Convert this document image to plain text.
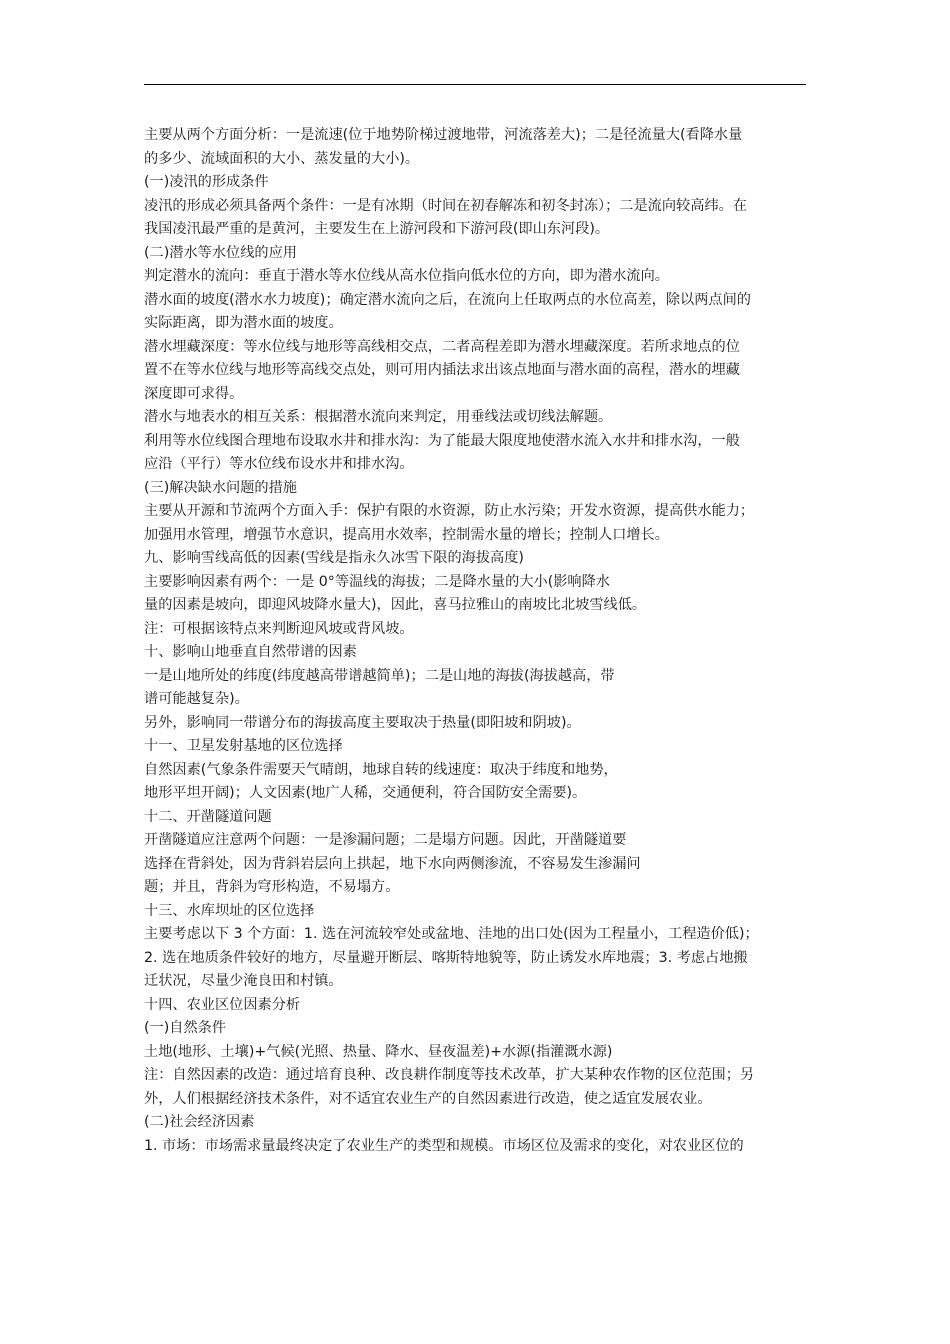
主要从两个方面分析：一是流速(位于地势阶梯过渡地带，河流落差大)；二是径流量大(看降水量
的多少、流域面积的大小、蒸发量的大小)。
(一)凌汛的形成条件
凌汛的形成必须具备两个条件：一是有冰期（时间在初春解冻和初冬封冻）；二是流向较高纬。在
我国凌汛最严重的是黄河，主要发生在上游河段和下游河段(即山东河段)。
(二)潜水等水位线的应用
判定潜水的流向：垂直于潜水等水位线从高水位指向低水位的方向，即为潜水流向。
潜水面的坡度(潜水水力坡度)；确定潜水流向之后，在流向上任取两点的水位高差，除以两点间的
实际距离，即为潜水面的坡度。
潜水埋藏深度：等水位线与地形等高线相交点，二者高程差即为潜水埋藏深度。若所求地点的位
置不在等水位线与地形等高线交点处，则可用内插法求出该点地面与潜水面的高程，潜水的埋藏
深度即可求得。
潜水与地表水的相互关系：根据潜水流向来判定，用垂线法或切线法解题。
利用等水位线图合理地布设取水井和排水沟：为了能最大限度地使潜水流入水井和排水沟，一般
应沿（平行）等水位线布设水井和排水沟。
(三)解决缺水问题的措施
主要从开源和节流两个方面入手：保护有限的水资源，防止水污染；开发水资源，提高供水能力；
加强用水管理，增强节水意识，提高用水效率，控制需水量的增长；控制人口增长。
九、影响雪线高低的因素(雪线是指永久冰雪下限的海拔高度)
主要影响因素有两个：一是 0°等温线的海拔；二是降水量的大小(影响降水
量的因素是坡向，即迎风坡降水量大)，因此，喜马拉雅山的南坡比北坡雪线低。
注：可根据该特点来判断迎风坡或背风坡。
十、影响山地垂直自然带谱的因素
一是山地所处的纬度(纬度越高带谱越简单)；二是山地的海拔(海拔越高，带
谱可能越复杂)。
另外，影响同一带谱分布的海拔高度主要取决于热量(即阳坡和阴坡)。
十一、卫星发射基地的区位选择
自然因素(气象条件需要天气晴朗，地球自转的线速度：取决于纬度和地势，
地形平坦开阔)；人文因素(地广人稀，交通便利，符合国防安全需要)。
十二、开凿隧道问题
开凿隧道应注意两个问题：一是渗漏问题；二是塌方问题。因此，开凿隧道要
选择在背斜处，因为背斜岩层向上拱起，地下水向两侧渗流，不容易发生渗漏问
题；并且，背斜为穹形构造，不易塌方。
十三、水库坝址的区位选择
主要考虑以下 3 个方面：1. 选在河流较窄处或盆地、洼地的出口处(因为工程量小，工程造价低)；
2. 选在地质条件较好的地方，尽量避开断层、喀斯特地貌等，防止诱发水库地震；3. 考虑占地搬
迁状况，尽量少淹良田和村镇。
十四、农业区位因素分析
(一)自然条件
土地(地形、土壤)+气候(光照、热量、降水、昼夜温差)+水源(指灌溉水源)
注：自然因素的改造：通过培育良种、改良耕作制度等技术改革，扩大某种农作物的区位范围；另
外，人们根据经济技术条件，对不适宜农业生产的自然因素进行改造，使之适宜发展农业。
(二)社会经济因素
1. 市场：市场需求量最终决定了农业生产的类型和规模。市场区位及需求的变化，对农业区位的
